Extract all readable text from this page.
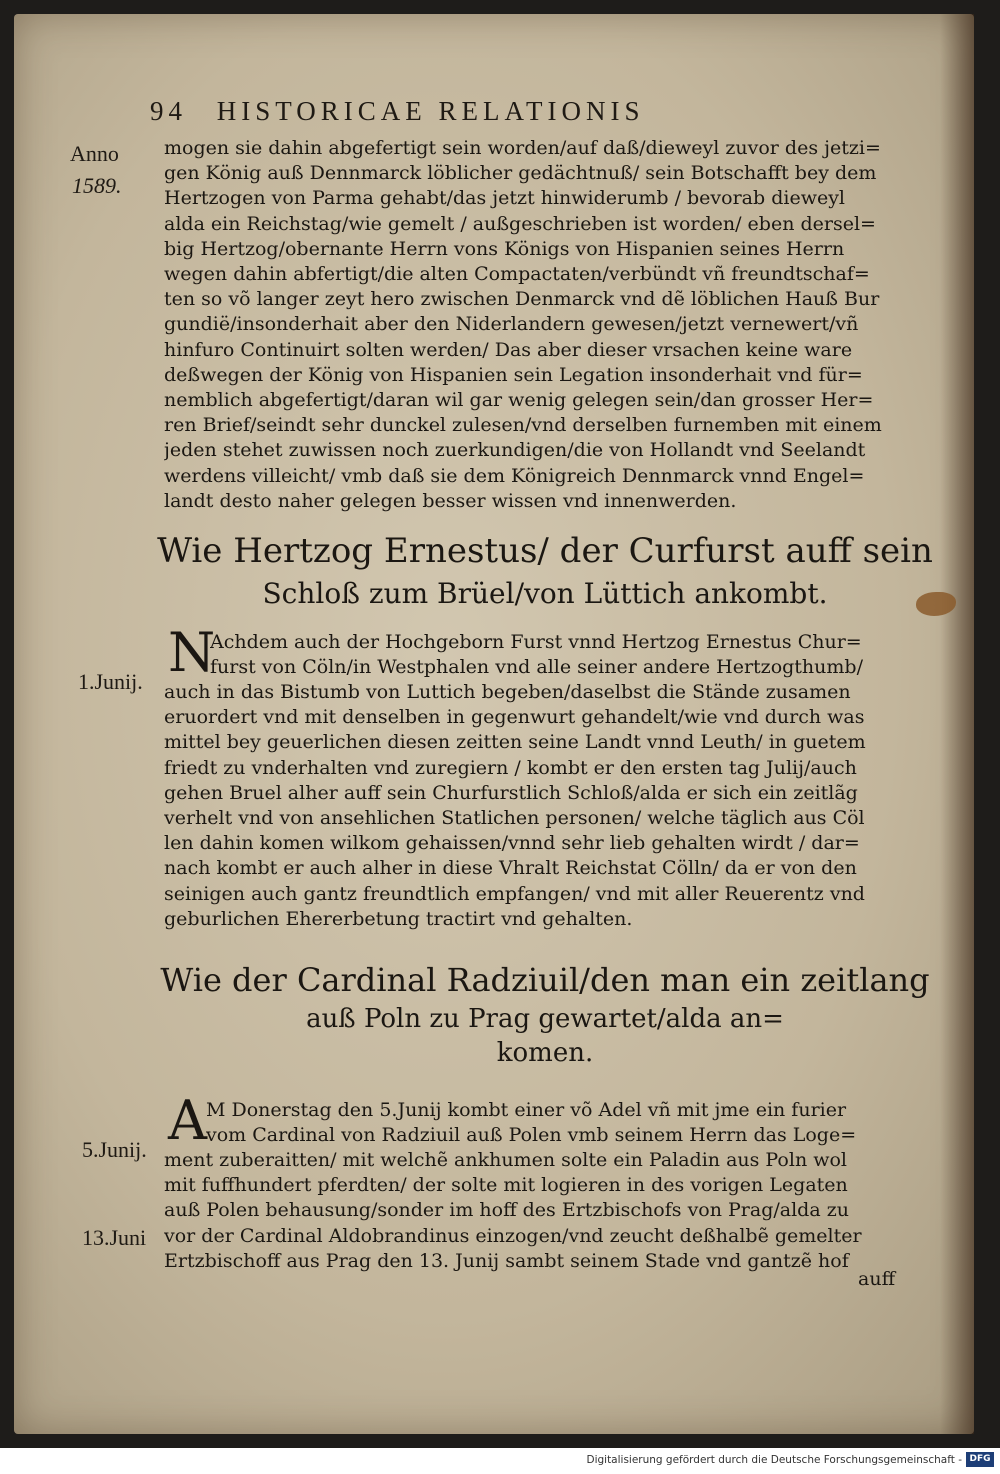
94 HISTORICAE RELATIONIS
Anno
1589.
mogen sie dahin abgefertigt sein worden/auf daß/dieweyl zuvor des jetzi=
gen König auß Dennmarck löblicher gedächtnuß/ sein Botschafft bey dem
Hertzogen von Parma gehabt/das jetzt hinwiderumb / bevorab dieweyl
alda ein Reichstag/wie gemelt / außgeschrieben ist worden/ eben dersel=
big Hertzog/obernante Herrn vons Königs von Hispanien seines Herrn
wegen dahin abfertigt/die alten Compactaten/verbündt vñ freundtschaf=
ten so võ langer zeyt hero zwischen Denmarck vnd dẽ löblichen Hauß Bur
gundië/insonderhait aber den Niderlandern gewesen/jetzt vernewert/vñ
hinfuro Continuirt solten werden/ Das aber dieser vrsachen keine ware
deßwegen der König von Hispanien sein Legation insonderhait vnd für=
nemblich abgefertigt/daran wil gar wenig gelegen sein/dan grosser Her=
ren Brief/seindt sehr dunckel zulesen/vnd derselben furnemben mit einem
jeden stehet zuwissen noch zuerkundigen/die von Hollandt vnd Seelandt
werdens villeicht/ vmb daß sie dem Königreich Dennmarck vnnd Engel=
landt desto naher gelegen besser wissen vnd innenwerden.
Wie Hertzog Ernestus/ der Curfurst auff sein
Schloß zum Brüel/von Lüttich ankombt.
N
1.Junij.
Achdem auch der Hochgeborn Furst vnnd Hertzog Ernestus Chur=
furst von Cöln/in Westphalen vnd alle seiner andere Hertzogthumb/
auch in das Bistumb von Luttich begeben/daselbst die Stände zusamen
eruordert vnd mit denselben in gegenwurt gehandelt/wie vnd durch was
mittel bey geuerlichen diesen zeitten seine Landt vnnd Leuth/ in guetem
friedt zu vnderhalten vnd zuregiern / kombt er den ersten tag Julij/auch
gehen Bruel alher auff sein Churfurstlich Schloß/alda er sich ein zeitlãg
verhelt vnd von ansehlichen Statlichen personen/ welche täglich aus Cöl
len dahin komen wilkom gehaissen/vnnd sehr lieb gehalten wirdt / dar=
nach kombt er auch alher in diese Vhralt Reichstat Cölln/ da er von den
seinigen auch gantz freundtlich empfangen/ vnd mit aller Reuerentz vnd
geburlichen Ehererbetung tractirt vnd gehalten.
Wie der Cardinal Radziuil/den man ein zeitlang
auß Poln zu Prag gewartet/alda an=
komen.
A
5.Junij.
13.Juni
M Donerstag den 5.Junij kombt einer võ Adel vñ mit jme ein furier
vom Cardinal von Radziuil auß Polen vmb seinem Herrn das Loge=
ment zuberaitten/ mit welchẽ ankhumen solte ein Paladin aus Poln wol
mit fuffhundert pferdten/ der solte mit logieren in des vorigen Legaten
auß Polen behausung/sonder im hoff des Ertzbischofs von Prag/alda zu
vor der Cardinal Aldobrandinus einzogen/vnd zeucht deßhalbẽ gemelter
Ertzbischoff aus Prag den 13. Junij sambt seinem Stade vnd gantzẽ hof
auff
Digitalisierung gefördert durch die Deutsche Forschungsgemeinschaft - DFG
